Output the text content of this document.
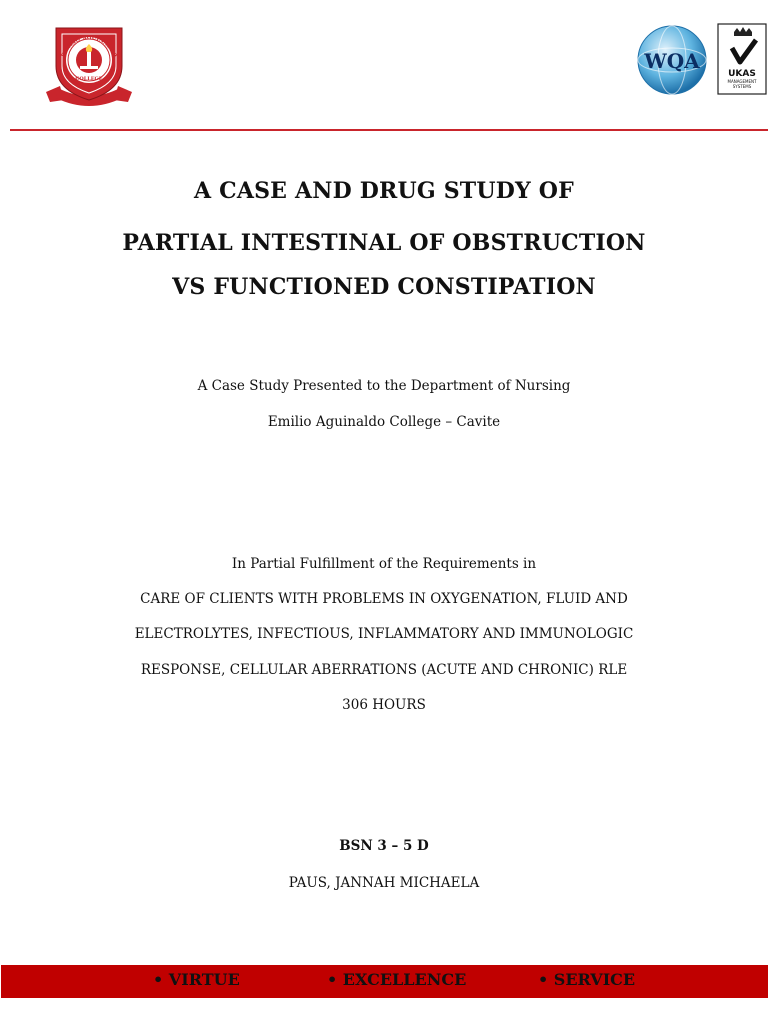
EMILIO AGUINALDO
COLLEGE
1973
WQA
UKAS
MANAGEMENT
SYSTEMS
A CASE AND DRUG STUDY OF
PARTIAL INTESTINAL OF OBSTRUCTION
VS FUNCTIONED CONSTIPATION
A Case Study Presented to the Department of Nursing
Emilio Aguinaldo College – Cavite
In Partial Fulfillment of the Requirements in
CARE OF CLIENTS WITH PROBLEMS IN OXYGENATION, FLUID AND
ELECTROLYTES, INFECTIOUS, INFLAMMATORY AND IMMUNOLOGIC
RESPONSE, CELLULAR ABERRATIONS (ACUTE AND CHRONIC) RLE
306 HOURS
BSN 3 – 5 D
PAUS, JANNAH MICHAELA
• VIRTUE	• EXCELLENCE	• SERVICE
